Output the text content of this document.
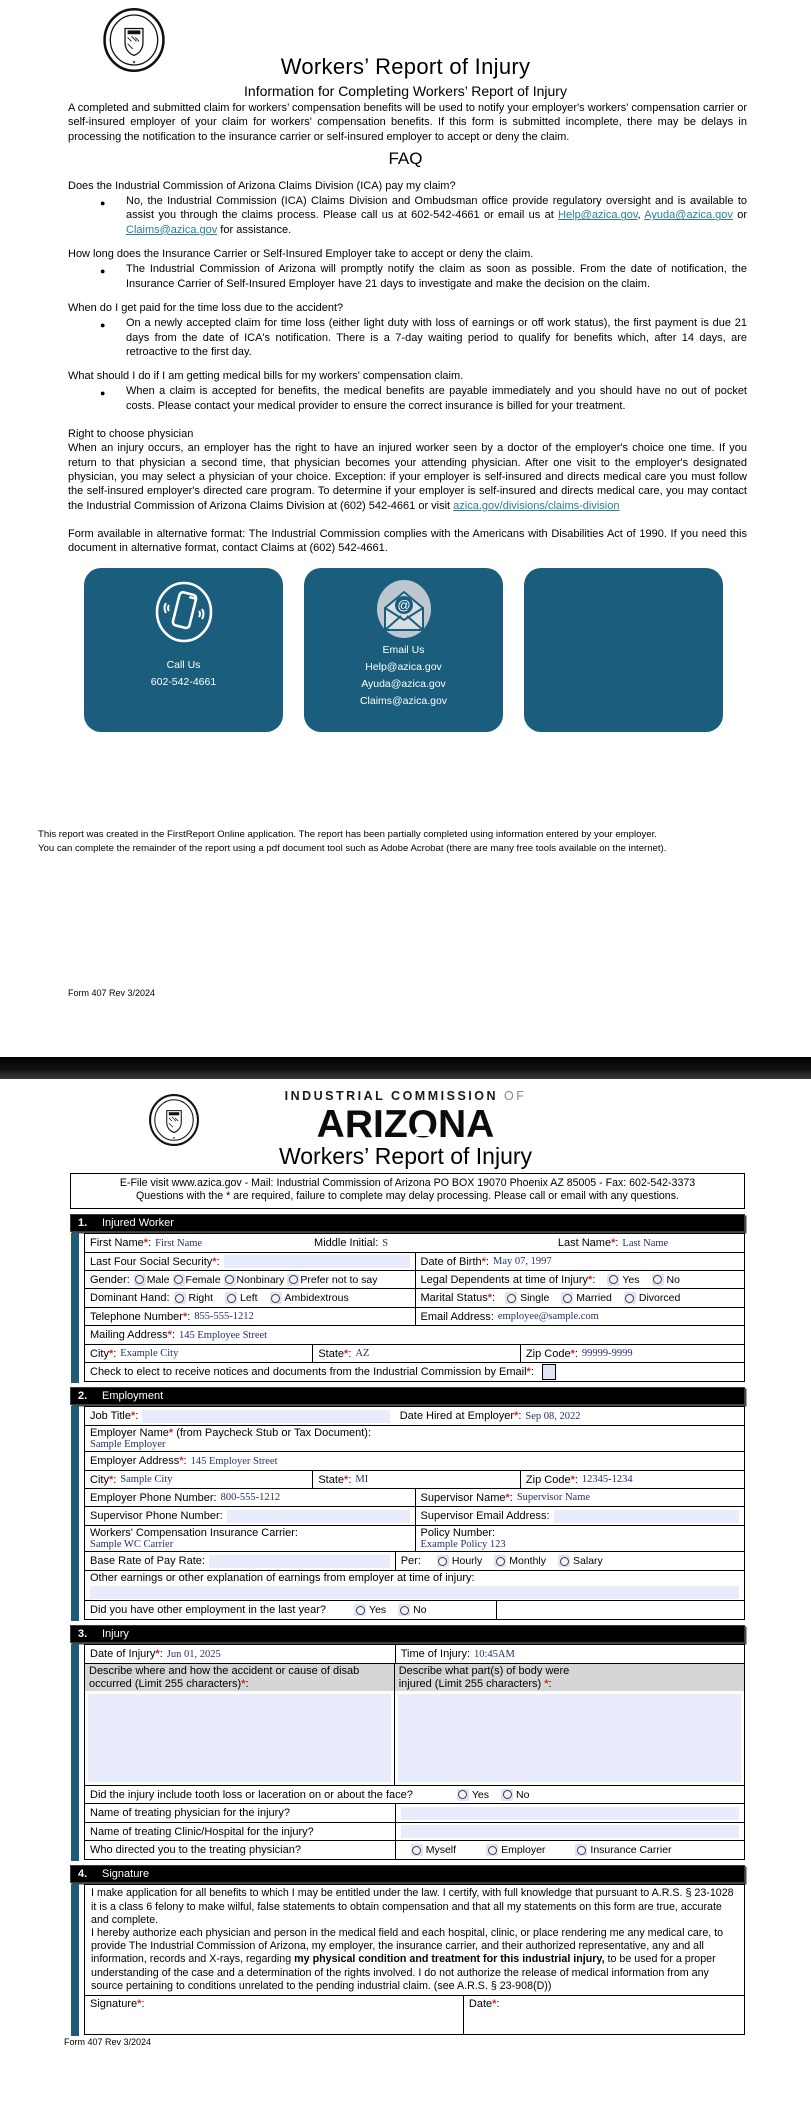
★	Workers’ Report of Injury
Information for Completing Workers’ Report of Injury
A completed and submitted claim for workers’ compensation benefits will be used to notify your employer's workers' compensation carrier or self-insured employer of your claim for workers' compensation benefits. If this form is submitted incomplete, there may be delays in processing the notification to the insurance carrier or self-insured employer to accept or deny the claim.
FAQ
Does the Industrial Commission of Arizona Claims Division (ICA) pay my claim?
●
No, the Industrial Commission (ICA) Claims Division and Ombudsman office provide regulatory oversight and is available to assist you through the claims process. Please call us at 602-542-4661 or email us at Help@azica.gov, Ayuda@azica.gov or Claims@azica.gov for assistance.
How long does the Insurance Carrier or Self-Insured Employer take to accept or deny the claim.
●
The Industrial Commission of Arizona will promptly notify the claim as soon as possible. From the date of notification, the Insurance Carrier of Self-Insured Employer have 21 days to investigate and make the decision on the claim.
When do I get paid for the time loss due to the accident?
●
On a newly accepted claim for time loss (either light duty with loss of earnings or off work status), the first payment is due 21 days from the date of ICA's notification. There is a 7-day waiting period to qualify for benefits which, after 14 days, are retroactive to the first day.
What should I do if I am getting medical bills for my workers' compensation claim.
●
When a claim is accepted for benefits, the medical benefits are payable immediately and you should have no out of pocket costs. Please contact your medical provider to ensure the correct insurance is billed for your treatment.
Right to choose physician
When an injury occurs, an employer has the right to have an injured worker seen by a doctor of the employer's choice one time. If you return to that physician a second time, that physician becomes your attending physician. After one visit to the employer's designated physician, you may select a physician of your choice. Exception: if your employer is self-insured and directs medical care you must follow the self-insured employer's directed care program. To determine if your employer is self-insured and directs medical care, you may contact the Industrial Commission of Arizona Claims Division at (602) 542-4661 or visit azica.gov/divisions/claims-division
Form available in alternative format: The Industrial Commission complies with the Americans with Disabilities Act of 1990. If you need this document in alternative format, contact Claims at (602) 542-4661.
Call Us
602-542-4661
@
Email Us
Help@azica.gov
Ayuda@azica.gov
Claims@azica.gov
This report was created in the FirstReport Online application. The report has been partially completed using information entered by your employer.
You can complete the remainder of the report using a pdf document tool such as Adobe Acrobat (there are many free tools available on the internet).
Form 407 Rev 3/2024
★
INDUSTRIAL COMMISSION OF
ARIZONA
Workers’ Report of Injury
E-File visit www.azica.gov - Mail: Industrial Commission of Arizona PO BOX 19070 Phoenix AZ 85005 - Fax: 602-542-3373
Questions with the * are required, failure to complete may delay processing. Please call or email with any questions.
1.	Injured Worker
First Name*: First Name	Middle Initial: S	Last Name*: Last Name
Last Four Social Security*:	Date of Birth*: May 07, 1997
Gender: Male Female Nonbinary Prefer not to say	Legal Dependents at time of Injury*:	Yes	No
Dominant Hand: Right	Left	Ambidextrous	Marital Status*: Single	Married	Divorced
Telephone Number*: 855-555-1212	Email Address: employee@sample.com
Mailing Address*: 145 Employee Street
City*: Example City	State*: AZ	Zip Code*: 99999-9999
Check to elect to receive notices and documents from the Industrial Commission by Email*:
2.	Employment
Job Title*:	Date Hired at Employer*: Sep 08, 2022
Employer Name* (from Paycheck Stub or Tax Document):
Sample Employer
Employer Address*: 145 Employer Street
City*: Sample City	State*: MI	Zip Code*: 12345-1234
Employer Phone Number: 800-555-1212	Supervisor Name*: Supervisor Name
Supervisor Phone Number:	Supervisor Email Address:
Workers' Compensation Insurance Carrier:
Sample WC Carrier
Policy Number:
Example Policy 123
Base Rate of Pay Rate:	Per:	Hourly	Monthly	Salary
Other earnings or other explanation of earnings from employer at time of injury:
Did you have other employment in the last year?	Yes	No
3.	Injury
Date of Injury*: Jun 01, 2025	Time of Injury: 10:45AM
Describe where and how the accident or cause of disab
occurred (Limit 255 characters)*:
Describe what part(s) of body were
injured (Limit 255 characters) *:
Did the injury include tooth loss or laceration on or about the face?	Yes	No
Name of treating physician for the injury?
Name of treating Clinic/Hospital for the injury?
Who directed you to the treating physician?	Myself	Employer	Insurance Carrier
4.	Signature
I make application for all benefits to which I may be entitled under the law. I certify, with full knowledge that pursuant to A.R.S. § 23-1028 it is a class 6 felony to make wilful, false statements to obtain compensation and that all my statements on this form are true, accurate and complete.
I hereby authorize each physician and person in the medical field and each hospital, clinic, or place rendering me any medical care, to provide The Industrial Commission of Arizona, my employer, the insurance carrier, and their authorized representative, any and all information, records and X-rays, regarding my physical condition and treatment for this industrial injury, to be used for a proper understanding of the case and a determination of the rights involved. I do not authorize the release of medical information from any source pertaining to conditions unrelated to the pending industrial claim. (see A.R.S. § 23-908(D))
Signature*:	Date*:
Form 407 Rev 3/2024
